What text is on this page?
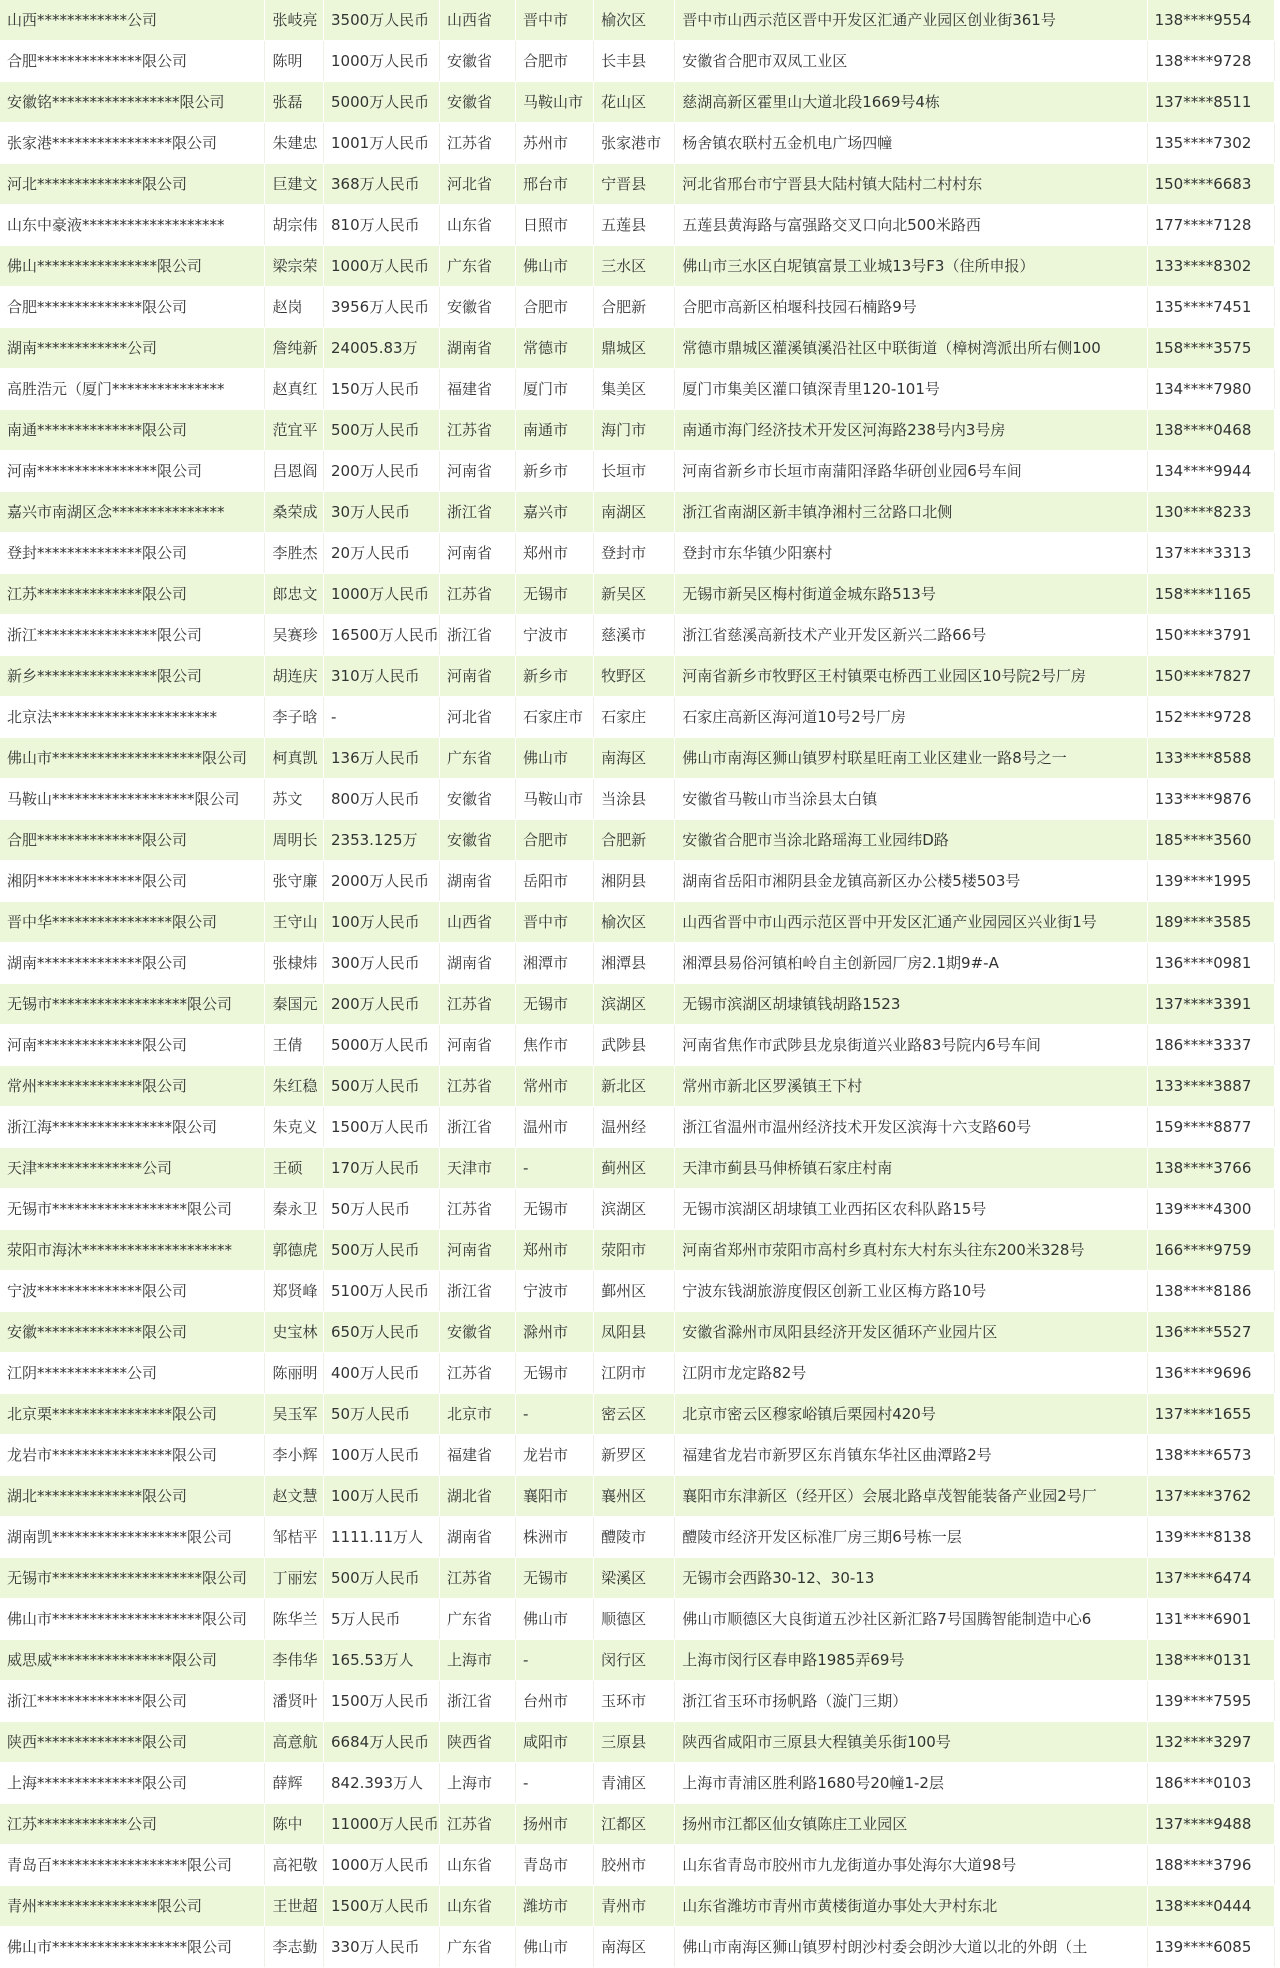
山西************公司	张岐亮	3500万人民币	山西省	晋中市	榆次区	晋中市山西示范区晋中开发区汇通产业园区创业街361号	138****9554
合肥**************限公司	陈明	1000万人民币	安徽省	合肥市	长丰县	安徽省合肥市双凤工业区	138****9728
安徽铭*****************限公司	张磊	5000万人民币	安徽省	马鞍山市	花山区	慈湖高新区霍里山大道北段1669号4栋	137****8511
张家港****************限公司	朱建忠	1001万人民币	江苏省	苏州市	张家港市	杨舍镇农联村五金机电广场四幢	135****7302
河北**************限公司	巨建文	368万人民币	河北省	邢台市	宁晋县	河北省邢台市宁晋县大陆村镇大陆村二村村东	150****6683
山东中豪液*******************	胡宗伟	810万人民币	山东省	日照市	五莲县	五莲县黄海路与富强路交叉口向北500米路西	177****7128
佛山****************限公司	梁宗荣	1000万人民币	广东省	佛山市	三水区	佛山市三水区白坭镇富景工业城13号F3（住所申报）	133****8302
合肥**************限公司	赵岗	3956万人民币	安徽省	合肥市	合肥新	合肥市高新区柏堰科技园石楠路9号	135****7451
湖南************公司	詹纯新	24005.83万	湖南省	常德市	鼎城区	常德市鼎城区灌溪镇溪沿社区中联街道（樟树湾派出所右侧100	158****3575
高胜浩元（厦门***************	赵真红	150万人民币	福建省	厦门市	集美区	厦门市集美区灌口镇深青里120-101号	134****7980
南通**************限公司	范宜平	500万人民币	江苏省	南通市	海门市	南通市海门经济技术开发区河海路238号内3号房	138****0468
河南****************限公司	吕恩阎	200万人民币	河南省	新乡市	长垣市	河南省新乡市长垣市南蒲阳泽路华研创业园6号车间	134****9944
嘉兴市南湖区念***************	桑荣成	30万人民币	浙江省	嘉兴市	南湖区	浙江省南湖区新丰镇净湘村三岔路口北侧	130****8233
登封**************限公司	李胜杰	20万人民币	河南省	郑州市	登封市	登封市东华镇少阳寨村	137****3313
江苏**************限公司	郎忠文	1000万人民币	江苏省	无锡市	新吴区	无锡市新吴区梅村街道金城东路513号	158****1165
浙江****************限公司	吴赛珍	16500万人民币	浙江省	宁波市	慈溪市	浙江省慈溪高新技术产业开发区新兴二路66号	150****3791
新乡****************限公司	胡连庆	310万人民币	河南省	新乡市	牧野区	河南省新乡市牧野区王村镇栗屯桥西工业园区10号院2号厂房	150****7827
北京法**********************	李子晗	-	河北省	石家庄市	石家庄	石家庄高新区海河道10号2号厂房	152****9728
佛山市********************限公司	柯真凯	136万人民币	广东省	佛山市	南海区	佛山市南海区狮山镇罗村联星旺南工业区建业一路8号之一	133****8588
马鞍山*******************限公司	苏文	800万人民币	安徽省	马鞍山市	当涂县	安徽省马鞍山市当涂县太白镇	133****9876
合肥**************限公司	周明长	2353.125万	安徽省	合肥市	合肥新	安徽省合肥市当涂北路瑶海工业园纬D路	185****3560
湘阴**************限公司	张守廉	2000万人民币	湖南省	岳阳市	湘阴县	湖南省岳阳市湘阴县金龙镇高新区办公楼5楼503号	139****1995
晋中华****************限公司	王守山	100万人民币	山西省	晋中市	榆次区	山西省晋中市山西示范区晋中开发区汇通产业园园区兴业街1号	189****3585
湖南**************限公司	张棣炜	300万人民币	湖南省	湘潭市	湘潭县	湘潭县易俗河镇桕岭自主创新园厂房2.1期9#-A	136****0981
无锡市******************限公司	秦国元	200万人民币	江苏省	无锡市	滨湖区	无锡市滨湖区胡埭镇钱胡路1523	137****3391
河南**************限公司	王倩	5000万人民币	河南省	焦作市	武陟县	河南省焦作市武陟县龙泉街道兴业路83号院内6号车间	186****3337
常州**************限公司	朱红稳	500万人民币	江苏省	常州市	新北区	常州市新北区罗溪镇王下村	133****3887
浙江海****************限公司	朱克义	1500万人民币	浙江省	温州市	温州经	浙江省温州市温州经济技术开发区滨海十六支路60号	159****8877
天津**************公司	王硕	170万人民币	天津市	-	蓟州区	天津市蓟县马伸桥镇石家庄村南	138****3766
无锡市******************限公司	秦永卫	50万人民币	江苏省	无锡市	滨湖区	无锡市滨湖区胡埭镇工业西拓区农科队路15号	139****4300
荥阳市海沐********************	郭德虎	500万人民币	河南省	郑州市	荥阳市	河南省郑州市荥阳市高村乡真村东大村东头往东200米328号	166****9759
宁波**************限公司	郑贤峰	5100万人民币	浙江省	宁波市	鄞州区	宁波东钱湖旅游度假区创新工业区梅方路10号	138****8186
安徽**************限公司	史宝林	650万人民币	安徽省	滁州市	凤阳县	安徽省滁州市凤阳县经济开发区循环产业园片区	136****5527
江阴************公司	陈丽明	400万人民币	江苏省	无锡市	江阴市	江阴市龙定路82号	136****9696
北京栗****************限公司	吴玉军	50万人民币	北京市	-	密云区	北京市密云区穆家峪镇后栗园村420号	137****1655
龙岩市****************限公司	李小辉	100万人民币	福建省	龙岩市	新罗区	福建省龙岩市新罗区东肖镇东华社区曲潭路2号	138****6573
湖北**************限公司	赵文慧	100万人民币	湖北省	襄阳市	襄州区	襄阳市东津新区（经开区）会展北路卓茂智能装备产业园2号厂	137****3762
湖南凯******************限公司	邹桔平	1111.11万人	湖南省	株洲市	醴陵市	醴陵市经济开发区标准厂房三期6号栋一层	139****8138
无锡市********************限公司	丁丽宏	500万人民币	江苏省	无锡市	梁溪区	无锡市会西路30-12、30-13	137****6474
佛山市********************限公司	陈华兰	5万人民币	广东省	佛山市	顺德区	佛山市顺德区大良街道五沙社区新汇路7号国腾智能制造中心6	131****6901
威思威****************限公司	李伟华	165.53万人	上海市	-	闵行区	上海市闵行区春申路1985弄69号	138****0131
浙江**************限公司	潘贤叶	1500万人民币	浙江省	台州市	玉环市	浙江省玉环市扬帆路（漩门三期）	139****7595
陕西**************限公司	高意航	6684万人民币	陕西省	咸阳市	三原县	陕西省咸阳市三原县大程镇美乐街100号	132****3297
上海**************限公司	薛辉	842.393万人	上海市	-	青浦区	上海市青浦区胜利路1680号20幢1-2层	186****0103
江苏************公司	陈中	11000万人民币	江苏省	扬州市	江都区	扬州市江都区仙女镇陈庄工业园区	137****9488
青岛百******************限公司	高祀敬	1000万人民币	山东省	青岛市	胶州市	山东省青岛市胶州市九龙街道办事处海尔大道98号	188****3796
青州****************限公司	王世超	1500万人民币	山东省	潍坊市	青州市	山东省潍坊市青州市黄楼街道办事处大尹村东北	138****0444
佛山市******************限公司	李志勤	330万人民币	广东省	佛山市	南海区	佛山市南海区狮山镇罗村朗沙村委会朗沙大道以北的外朗（土	139****6085
